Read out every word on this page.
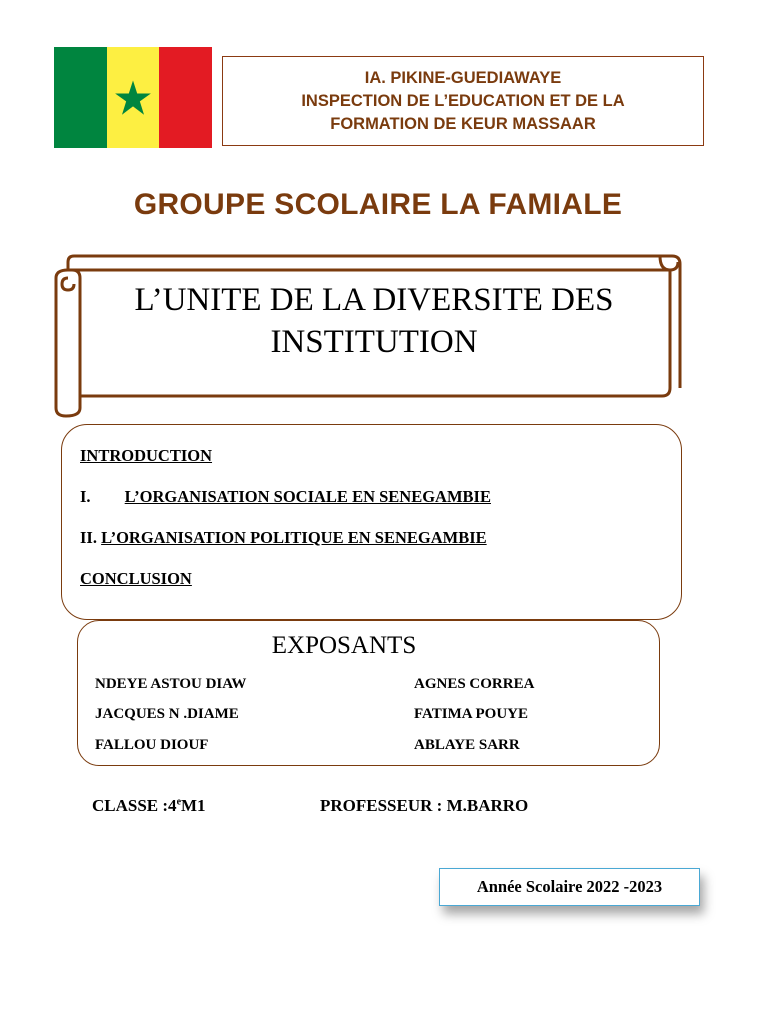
IA. PIKINE-GUEDIAWAYE
INSPECTION DE L’EDUCATION ET DE LA
FORMATION DE KEUR MASSAAR
GROUPE SCOLAIRE LA FAMIALE
L’UNITE DE LA DIVERSITE DES
INSTITUTION
INTRODUCTION
I. L’ORGANISATION SOCIALE EN SENEGAMBIE
II. L’ORGANISATION POLITIQUE EN SENEGAMBIE
CONCLUSION
EXPOSANTS
NDEYE ASTOU DIAW
JACQUES N .DIAME
FALLOU DIOUF
AGNES CORREA
FATIMA POUYE
ABLAYE SARR
CLASSE :4eM1	PROFESSEUR : M.BARRO
Année Scolaire 2022 -2023
